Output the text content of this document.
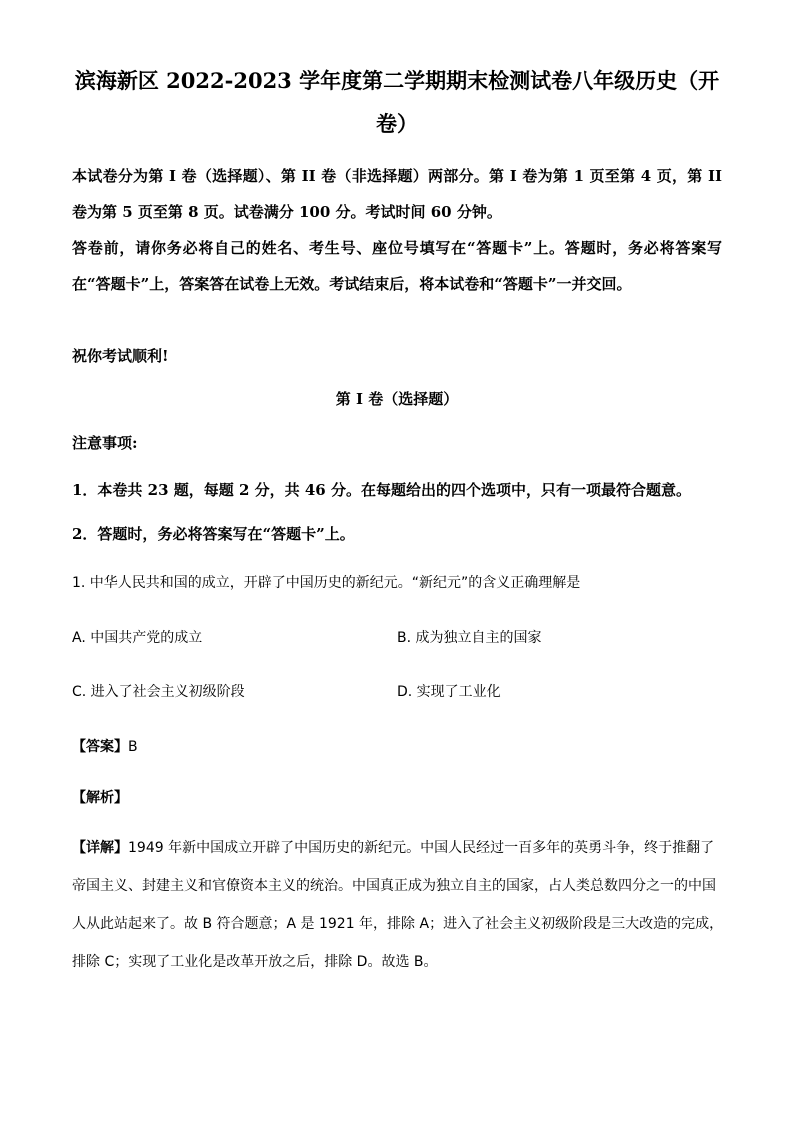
滨海新区 2022-2023 学年度第二学期期末检测试卷八年级历史（开
卷）

本试卷分为第 I 卷（选择题）、第 II 卷（非选择题）两部分。第 I 卷为第 1 页至第 4 页，第 II 卷为第 5 页至第 8 页。试卷满分 100 分。考试时间 60 分钟。

答卷前，请你务必将自己的姓名、考生号、座位号填写在“答题卡”上。答题时，务必将答案写在“答题卡”上，答案答在试卷上无效。考试结束后，将本试卷和“答题卡”一并交回。

祝你考试顺利!

第 I 卷（选择题）

注意事项:

1．本卷共 23 题，每题 2 分，共 46 分。在每题给出的四个选项中，只有一项最符合题意。

2．答题时，务必将答案写在“答题卡”上。

1. 中华人民共和国的成立，开辟了中国历史的新纪元。“新纪元”的含义正确理解是
A. 中国共产党的成立	B. 成为独立自主的国家
C. 进入了社会主义初级阶段	D. 实现了工业化
【答案】B
【解析】

【详解】1949 年新中国成立开辟了中国历史的新纪元。中国人民经过一百多年的英勇斗争，终于推翻了帝国主义、封建主义和官僚资本主义的统治。中国真正成为独立自主的国家，占人类总数四分之一的中国人从此站起来了。故 B 符合题意；A 是 1921 年，排除 A；进入了社会主义初级阶段是三大改造的完成，排除 C；实现了工业化是改革开放之后，排除 D。故选 B。
